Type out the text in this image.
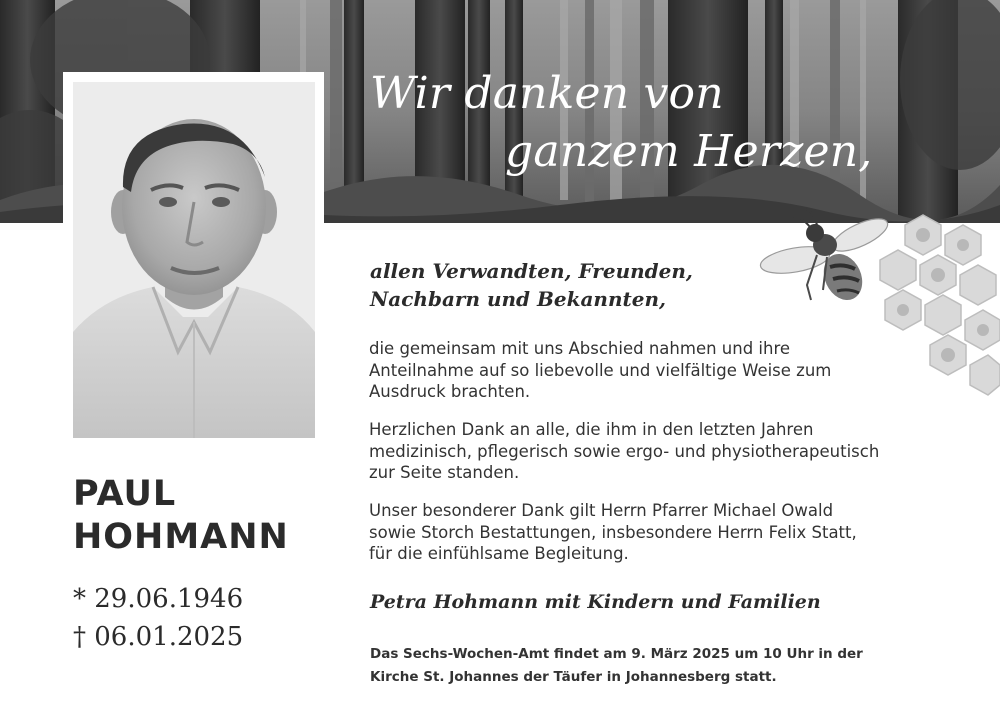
Wir danken von
ganzem Herzen,
PAUL
HOHMANN
* 29.06.1946
† 06.01.2025
allen Verwandten, Freunden,
Nachbarn und Bekannten,
die gemeinsam mit uns Abschied nahmen und ihre
Anteilnahme auf so liebevolle und vielfältige Weise zum
Ausdruck brachten.
Herzlichen Dank an alle, die ihm in den letzten Jahren
medizinisch, pflegerisch sowie ergo- und physiotherapeutisch
zur Seite standen.
Unser besonderer Dank gilt Herrn Pfarrer Michael Owald
sowie Storch Bestattungen, insbesondere Herrn Felix Statt,
für die einfühlsame Begleitung.
Petra Hohmann mit Kindern und Familien
Das Sechs-Wochen-Amt findet am 9. März 2025 um 10 Uhr in der
Kirche St. Johannes der Täufer in Johannesberg statt.
